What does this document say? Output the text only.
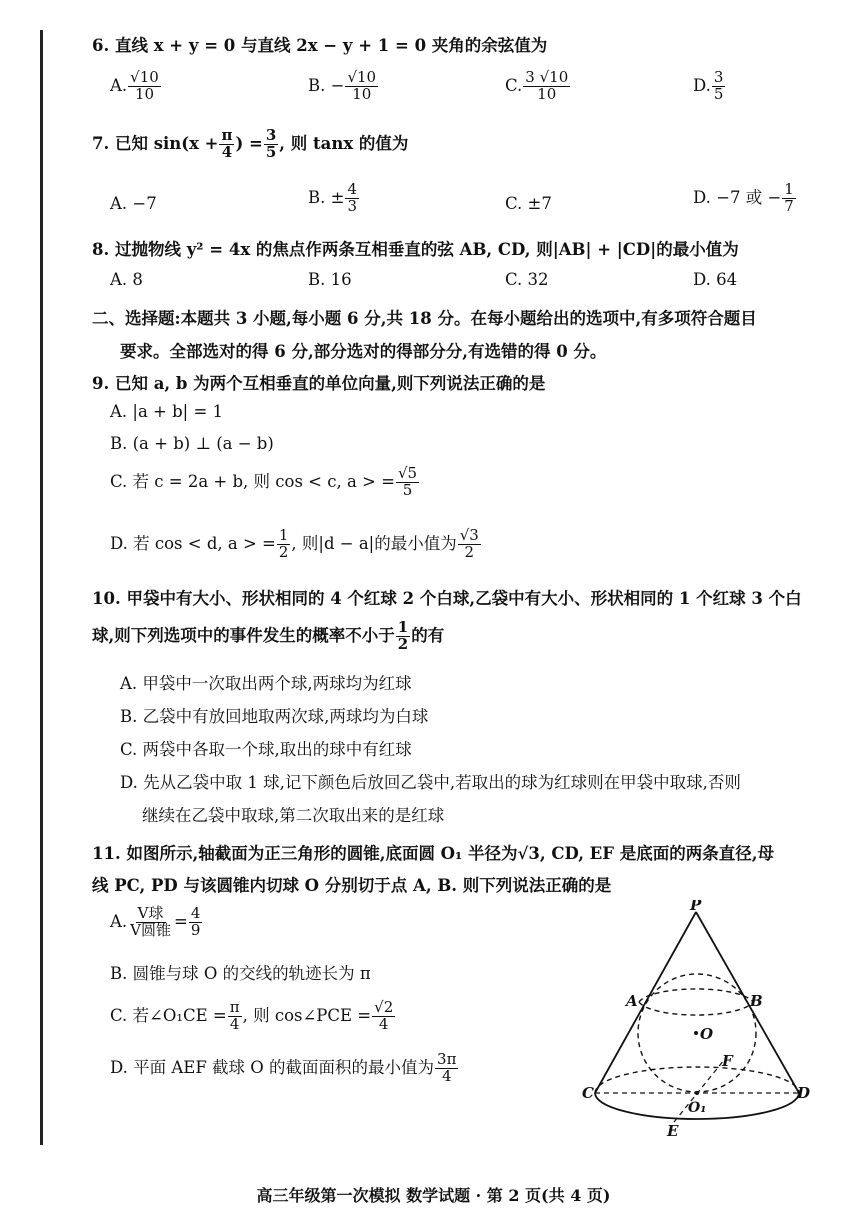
6. 直线 x + y = 0 与直线 2x − y + 1 = 0 夹角的余弦值为
A. $\frac{√10}{10}$	B. − $\frac{√10}{10}$	C. $\frac{3 √10}{10}$	D. $\frac{3}{5}$
7. 已知 $\sin(x + \frac{\pi}{4}$ ) = $\frac{3}{5}$ , 则 tanx 的值为
A. −7	B. ± $\frac{4}{3}$	C. ±7	D. −7 或 − $\frac{1}{7}$
8. 过抛物线 y² = 4x 的焦点作两条互相垂直的弦 AB, CD, 则|AB| + |CD|的最小值为
A. 8	B. 16	C. 32	D. 64
二、选择题:本题共 3 小题,每小题 6 分,共 18 分。在每小题给出的选项中,有多项符合题目
要求。全部选对的得 6 分,部分选对的得部分分,有选错的得 0 分。
9. 已知 a, b 为两个互相垂直的单位向量,则下列说法正确的是
A. |a + b| = 1
B. (a + b) ⊥ (a − b)
C. 若 c = 2a + b, 则 cos < c, a > = $\frac{√5}{5}$
D. 若 cos < d, a > = $\frac{1}{2}$ , 则|d − a|的最小值为 $\frac{√3}{2}$
10. 甲袋中有大小、形状相同的 4 个红球 2 个白球,乙袋中有大小、形状相同的 1 个红球 3 个白
球,则下列选项中的事件发生的概率不小于 $\frac{1}{2}$ 的有
A. 甲袋中一次取出两个球,两球均为红球
B. 乙袋中有放回地取两次球,两球均为白球
C. 两袋中各取一个球,取出的球中有红球
D. 先从乙袋中取 1 球,记下颜色后放回乙袋中,若取出的球为红球则在甲袋中取球,否则
继续在乙袋中取球,第二次取出来的是红球
11. 如图所示,轴截面为正三角形的圆锥,底面圆 O₁ 半径为√3, CD, EF 是底面的两条直径,母
线 PC, PD 与该圆锥内切球 O 分别切于点 A, B. 则下列说法正确的是
A. $\frac{\text{V球}}{\text{V圆锥}} = \frac{4}{9}$
B. 圆锥与球 O 的交线的轨迹长为 π
C. 若∠O₁CE = $\frac{\pi}{4}$ , 则 cos∠PCE = $\frac{√2}{4}$
D. 平面 AEF 截球 O 的截面面积的最小值为 $\frac{3\pi}{4}$
P
A	B
O
F
C	D
O₁
E
高三年级第一次模拟 数学试题 · 第 2 页(共 4 页)
